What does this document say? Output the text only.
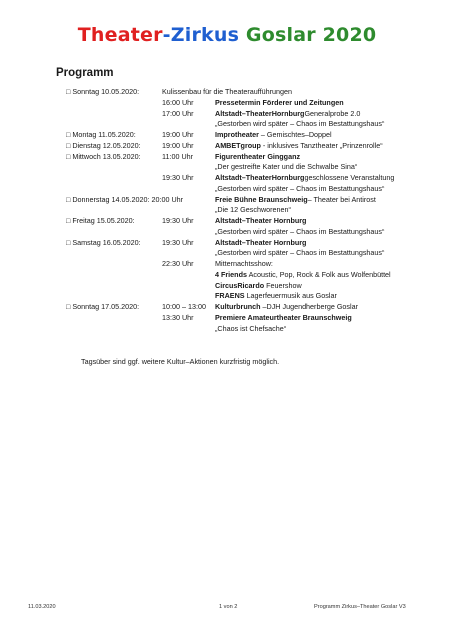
Theater-Zirkus Goslar 2020
Programm
□ Sonntag 10.05.2020:	Kulissenbau für die Theateraufführungen
16:00 Uhr	Pressetermin Förderer und Zeitungen
17:00 Uhr	Altstadt–TheaterHornburgGeneralprobe 2.0
„Gestorben wird später – Chaos im Bestattungshaus“
□ Montag 11.05.2020:	19:00 Uhr	Improtheater – Gemischtes–Doppel
□ Dienstag 12.05.2020:	19:00 Uhr	AMBETgroup - inklusives Tanztheater „Prinzenrolle“
□ Mittwoch 13.05.2020:	11:00 Uhr	Figurentheater Gingganz
„Der gestreifte Kater und die Schwalbe Sina“
19:30 Uhr	Altstadt–TheaterHornburggeschlossene Veranstaltung
„Gestorben wird später – Chaos im Bestattungshaus“
□ Donnerstag 14.05.2020: 20:00 Uhr	Freie Bühne Braunschweig– Theater bei Antirost
„Die 12 Geschworenen“
□ Freitag 15.05.2020:	19:30 Uhr	Altstadt–Theater Hornburg
„Gestorben wird später – Chaos im Bestattungshaus“
□ Samstag 16.05.2020:	19:30 Uhr	Altstadt–Theater Hornburg
„Gestorben wird später – Chaos im Bestattungshaus“
22:30 Uhr	Mitternachtsshow:
4 Friends Acoustic, Pop, Rock & Folk aus Wolfenbüttel
CircusRicardo Feuershow
FRAENS Lagerfeuermusik aus Goslar
□ Sonntag 17.05.2020:	10:00 – 13:00 Kulturbrunch –DJH Jugendherberge Goslar
13:30 Uhr	Premiere Amateurtheater Braunschweig
„Chaos ist Chefsache“
Tagsüber sind ggf. weitere Kultur–Aktionen kurzfristig möglich.
11.03.2020	1 von 2	Programm Zirkus–Theater Goslar V3
